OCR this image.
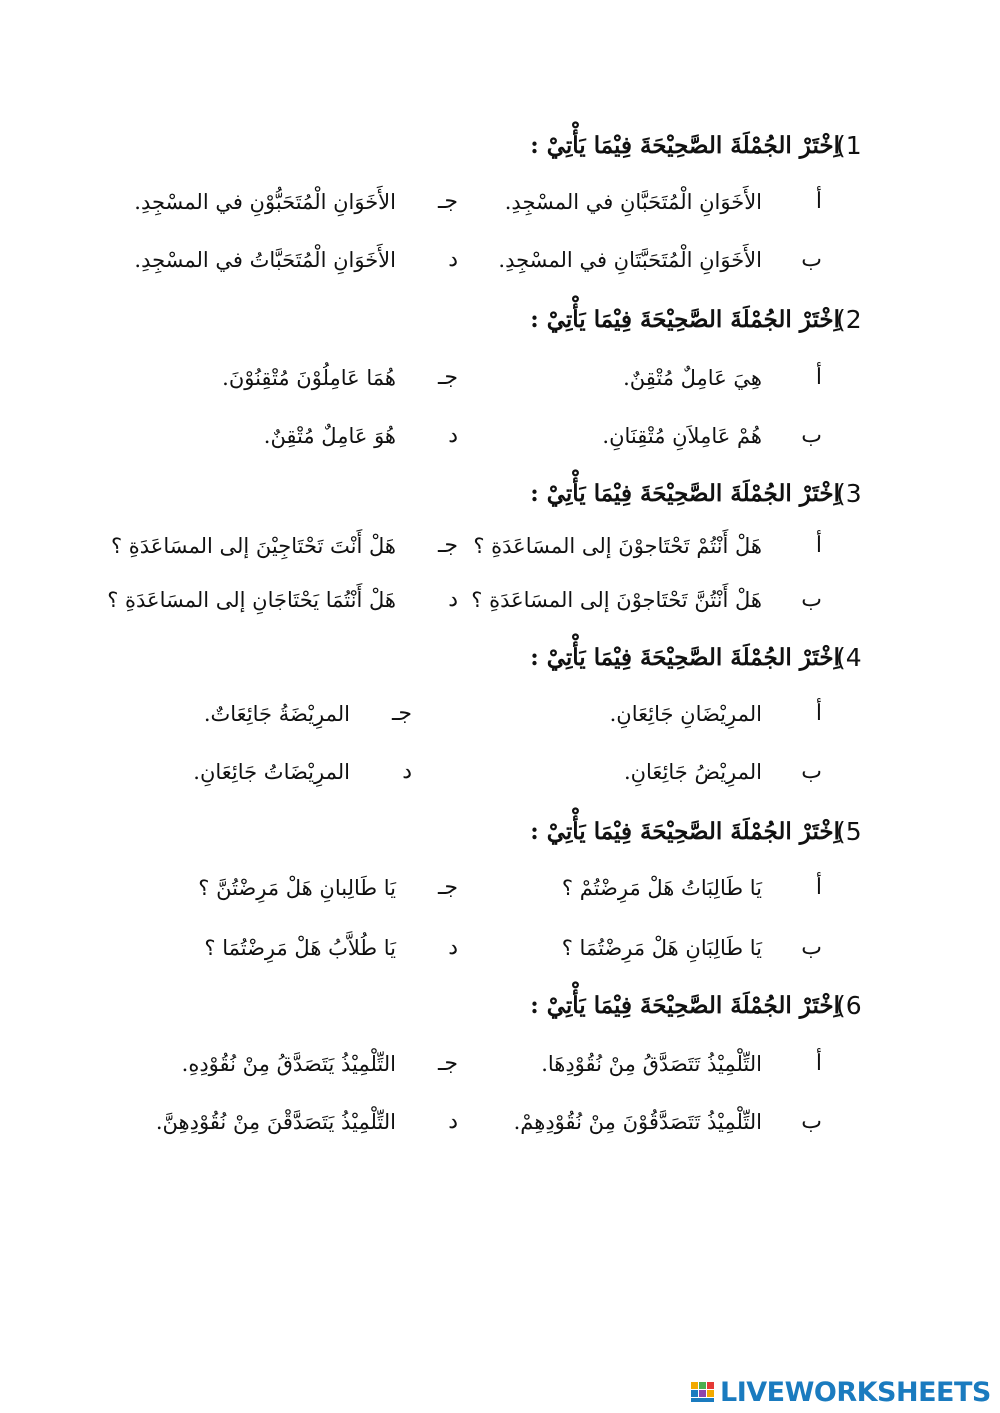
(1
اِخْتَرْ الجُمْلَةَ الصَّحِيْحَةَ فِيْمَا يَأْتِيْ :
أ
الأَخَوَانِ الْمُتَحَبَّانِ في المسْجِدِ.
جـ
الأَخَوَانِ الْمُتَحَبُّوْنِ في المسْجِدِ.
ب
الأَخَوَانِ الْمُتَحَبَّتَانِ في المسْجِدِ.
د
الأَخَوَانِ الْمُتَحَبَّاتُ في المسْجِدِ.
(2
اِخْتَرْ الجُمْلَةَ الصَّحِيْحَةَ فِيْمَا يَأْتِيْ :
أ
هِيَ عَامِلٌ مُتْقِنٌ.
جـ
هُمَا عَامِلُوْنَ مُتْقِنُوْنَ.
ب
هُمْ عَامِلاَنِ مُتْقِنَانِ.
د
هُوَ عَامِلٌ مُتْقِنٌ.
(3
اِخْتَرْ الجُمْلَةَ الصَّحِيْحَةَ فِيْمَا يَأْتِيْ :
أ
هَلْ أَنْتُمْ تَحْتَاجوْنَ إلى المسَاعَدَةِ ؟
جـ
هَلْ أَنْتَ تَحْتَاجِيْنَ إلى المسَاعَدَةِ ؟
ب
هَلْ أَنْتُنَّ تَحْتَاجوْنَ إلى المسَاعَدَةِ ؟
د
هَلْ أَنْتُمَا يَحْتَاجَانِ إلى المسَاعَدَةِ ؟
(4
اِخْتَرْ الجُمْلَةَ الصَّحِيْحَةَ فِيْمَا يَأْتِيْ :
أ
المرِيْضَانِ جَائِعَانِ.
جـ
المرِيْضَةُ جَائِعَاتٌ.
ب
المرِيْضُ جَائِعَانِ.
د
المرِيْضَاتُ جَائِعَانِ.
(5
اِخْتَرْ الجُمْلَةَ الصَّحِيْحَةَ فِيْمَا يَأْتِيْ :
أ
يَا طَالِبَاتُ هَلْ مَرِضْتُمْ ؟
جـ
يَا طَالِبانِ هَلْ مَرِضْتُنَّ ؟
ب
يَا طَالِبَانِ هَلْ مَرِضْتُمَا ؟
د
يَا طُلاَّبُ هَلْ مَرِضْتُمَا ؟
(6
اِخْتَرْ الجُمْلَةَ الصَّحِيْحَةَ فِيْمَا يَأْتِيْ :
أ
التِّلْمِيْذُ تَتَصَدَّقُ مِنْ نُقُوْدِهَا.
جـ
التِّلْمِيْذُ يَتَصَدَّقُ مِنْ نُقُوْدِهِ.
ب
التِّلْمِيْذُ تَتَصَدَّقُوْنَ مِنْ نُقُوْدِهِمْ.
د
التِّلْمِيْذُ يَتَصَدَّقْنَ مِنْ نُقُوْدِهِنَّ.
LIVEWORKSHEETS
